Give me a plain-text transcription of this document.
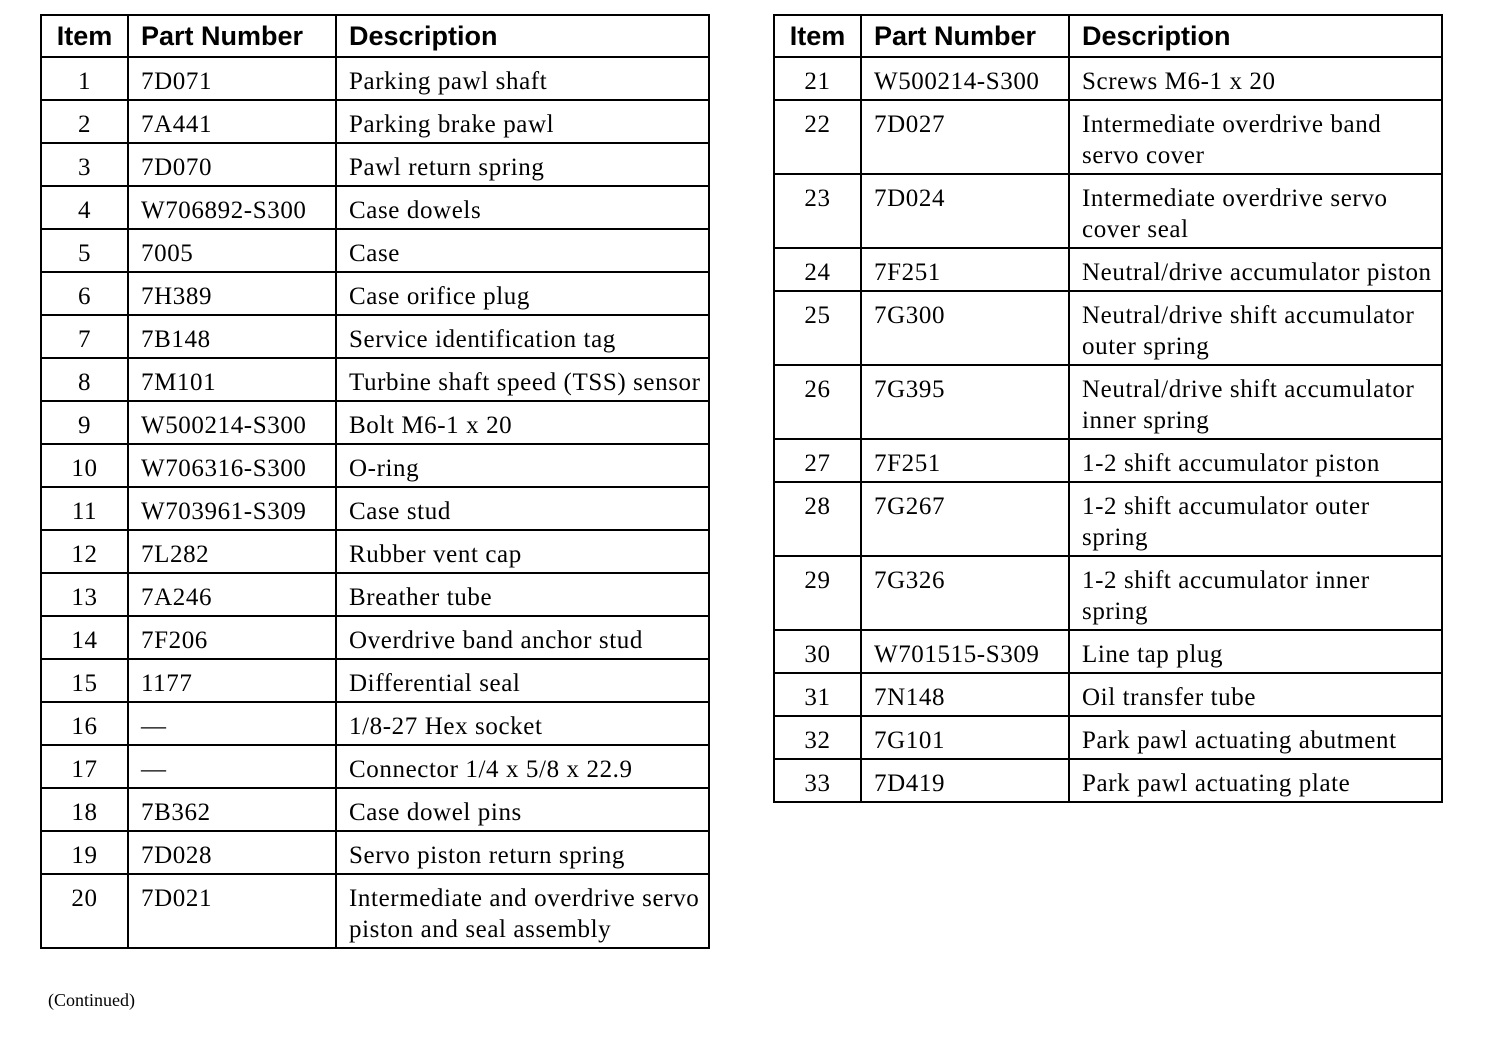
Item	Part Number	Description
1	7D071	Parking pawl shaft
2	7A441	Parking brake pawl
3	7D070	Pawl return spring
4	W706892-S300	Case dowels
5	7005	Case
6	7H389	Case orifice plug
7	7B148	Service identification tag
8	7M101	Turbine shaft speed (TSS) sensor
9	W500214-S300	Bolt M6-1 x 20
10	W706316-S300	O-ring
11	W703961-S309	Case stud
12	7L282	Rubber vent cap
13	7A246	Breather tube
14	7F206	Overdrive band anchor stud
15	1177	Differential seal
16	—	1/8-27 Hex socket
17	—	Connector 1/4 x 5/8 x 22.9
18	7B362	Case dowel pins
19	7D028	Servo piston return spring
20	7D021	Intermediate and overdrive servo piston and seal assembly
Item	Part Number	Description
21	W500214-S300	Screws M6-1 x 20
22	7D027	Intermediate overdrive band servo cover
23	7D024	Intermediate overdrive servo cover seal
24	7F251	Neutral/drive accumulator piston
25	7G300	Neutral/drive shift accumulator outer spring
26	7G395	Neutral/drive shift accumulator inner spring
27	7F251	1-2 shift accumulator piston
28	7G267	1-2 shift accumulator outer spring
29	7G326	1-2 shift accumulator inner spring
30	W701515-S309	Line tap plug
31	7N148	Oil transfer tube
32	7G101	Park pawl actuating abutment
33	7D419	Park pawl actuating plate
(Continued)
